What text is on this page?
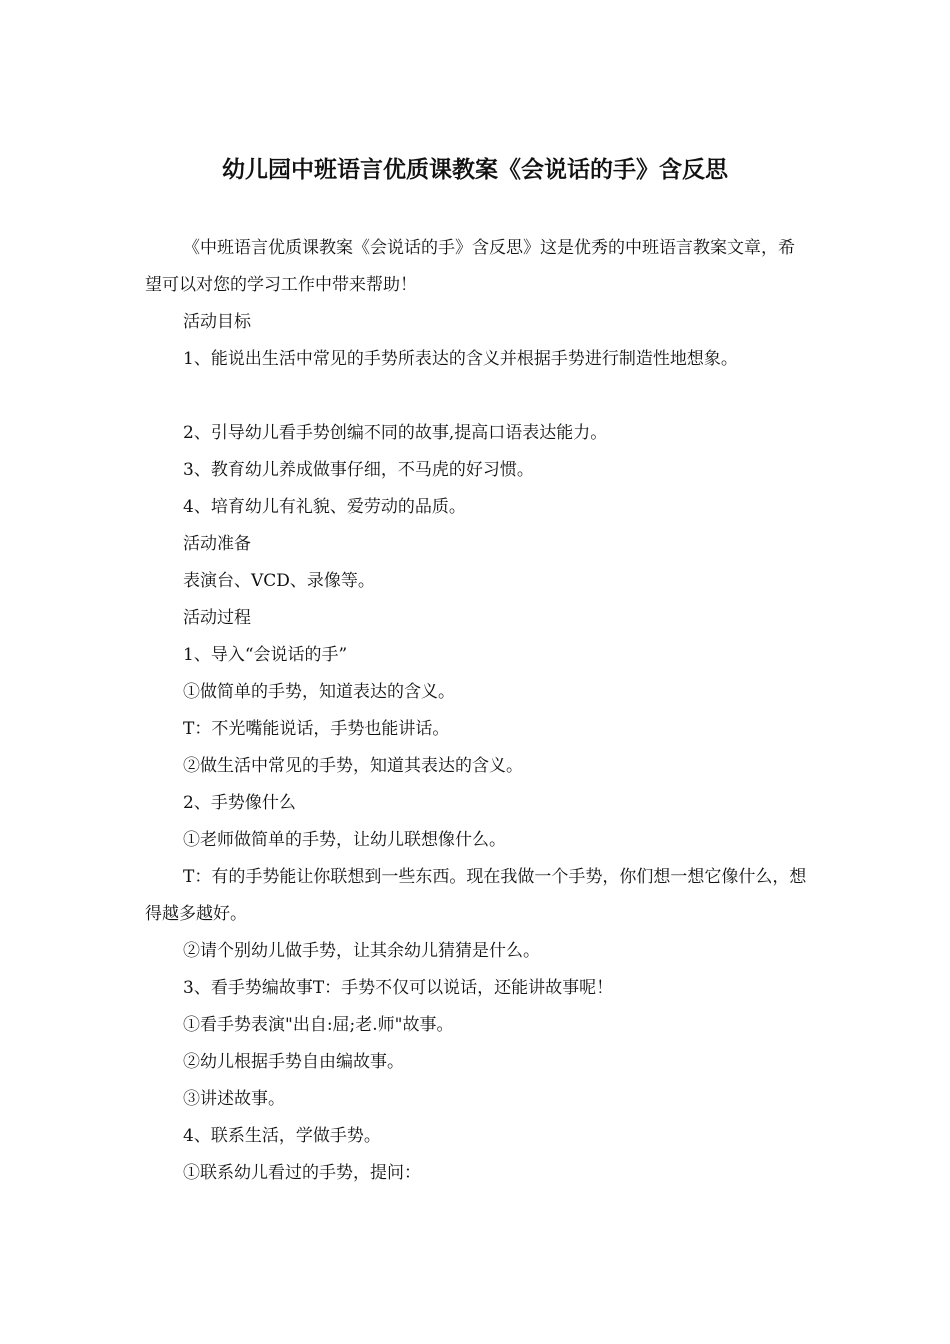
幼儿园中班语言优质课教案《会说话的手》含反思

《中班语言优质课教案《会说话的手》含反思》这是优秀的中班语言教案文章，希望可以对您的学习工作中带来帮助！

活动目标

1、能说出生活中常见的手势所表达的含义并根据手势进行制造性地想象。

2、引导幼儿看手势创编不同的故事,提高口语表达能力。

3、教育幼儿养成做事仔细，不马虎的好习惯。

4、培育幼儿有礼貌、爱劳动的品质。

活动准备

表演台、VCD、录像等。

活动过程

1、导入“会说话的手”

①做简单的手势，知道表达的含义。

T：不光嘴能说话，手势也能讲话。

②做生活中常见的手势，知道其表达的含义。

2、手势像什么

①老师做简单的手势，让幼儿联想像什么。

T：有的手势能让你联想到一些东西。现在我做一个手势，你们想一想它像什么，想得越多越好。

②请个别幼儿做手势，让其余幼儿猜猜是什么。

3、看手势编故事T：手势不仅可以说话，还能讲故事呢！

①看手势表演"出自:屈;老.师"故事。

②幼儿根据手势自由编故事。

③讲述故事。

4、联系生活，学做手势。

①联系幼儿看过的手势，提问：
